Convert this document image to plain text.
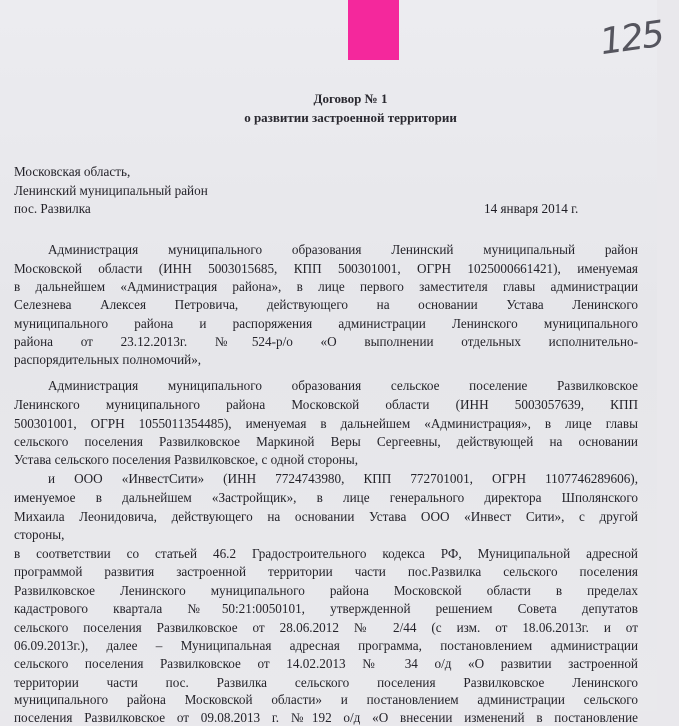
125
Договор № 1
о развитии застроенной территории
Московская область,
Ленинский муниципальный район
пос. Развилка	14 января 2014 г.
Администрация муниципального образования Ленинский муниципальный район
Московской области (ИНН 5003015685, КПП 500301001, ОГРН 1025000661421), именуемая
в дальнейшем «Администрация района», в лице первого заместителя главы администрации
Селезнева Алексея Петровича, действующего на основании Устава Ленинского
муниципального района и распоряжения администрации Ленинского муниципального
района от 23.12.2013г. №524-р/о «О выполнении отдельных исполнительно-
распорядительных полномочий»,
Администрация муниципального образования сельское поселение Развилковское
Ленинского муниципального района Московской области (ИНН 5003057639, КПП
500301001, ОГРН 1055011354485), именуемая в дальнейшем «Администрация», в лице главы
сельского поселения Развилковское Маркиной Веры Сергеевны, действующей на основании
Устава сельского поселения Развилковское, с одной стороны,
и ООО «ИнвестСити» (ИНН 7724743980, КПП 772701001, ОГРН 1107746289606),
именуемое в дальнейшем «Застройщик», в лице генерального директора Шполянского
Михаила Леонидовича, действующего на основании Устава ООО «Инвест Сити», с другой
стороны,
в соответствии со статьей 46.2 Градостроительного кодекса РФ, Муниципальной адресной
программой развития застроенной территории части пос.Развилка сельского поселения
Развилковское Ленинского муниципального района Московской области в пределах
кадастрового квартала №50:21:0050101, утвержденной решением Совета депутатов
сельского поселения Развилковское от 28.06.2012 № 2/44 (с изм. от 18.06.2013г. и от
06.09.2013г.), далее – Муниципальная адресная программа, постановлением администрации
сельского поселения Развилковское от 14.02.2013 № 34 о/д «О развитии застроенной
территории части пос. Развилка сельского поселения Развилковское Ленинского
муниципального района Московской области» и постановлением администрации сельского
поселения Развилковское от 09.08.2013 г. №192 о/д «О внесении изменений в постановление
